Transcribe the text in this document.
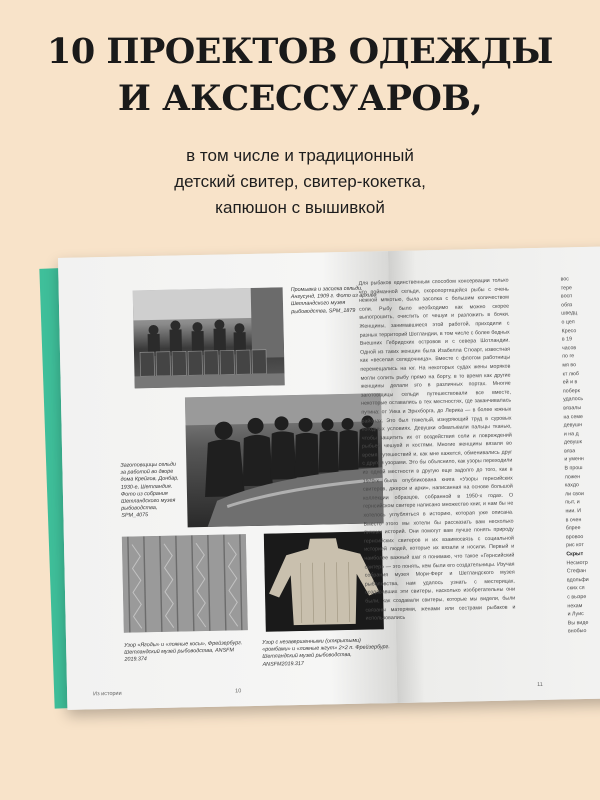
10 ПРОЕКТОВ ОДЕЖДЫ
И АКСЕССУАРОВ,
в том числе и традиционный
детский свитер, свитер-кокетка,
капюшон с вышивкой
Промывка и засолка сельди. Ангусунд, 1909 г. Фото из архива Шетландского музея рыбоводства, SPM_1879
Заготовщицы сельди за работой во дворе дома Крейгов, Донбар, 1930-е, Шетландия. Фото из собрания Шетландского музея рыбоводства, SPM_4075
Узор «Ягоды» и «ложные косы», Фрейзербург. Шетландский музей рыбоводства, ANSFM 2019.374
Узор с незавершенными (открытыми) «ромбами» и «ложные жгут» 2×2 п. Фрейзербург. Шетландский музей рыбоводства, ANSFM2019.317
Из истории	10
Для рыбаков единственным способом консервации только что пойманной сельди, скоропортящейся рыбы с очень нежной мякотью, была засолка с большим количеством соли. Рыбу было необходимо как можно скорее выпотрошить, очистить от чешуи и разложить в бочки. Женщины, занимавшиеся этой работой, приходили с разных территорий Шотландии, в том числе с более бедных Внешних Гебридских островов и с севера Шотландии. Одной из таких женщин была Изабелла Стюарт, известная как «веселая селедочница». Вместе с флотом работницы перемещались на юг. На некоторых судах жены моряков могли солить рыбу прямо на борту, в то время как другие женщины делали это в различных портах. Многие заготовщицы сельди путешествовали все вместе, некоторые оставались в тех местностях, где заканчивалась путина: от Уика и Эрнхборга, до Лерика — в более южных районах. Это был тяжелый, изнуряющий труд в суровых погодных условиях. Девушки обматывали пальцы тканью, чтобы защитить их от воздействия соли и повреждений рыбьей чешуей и костями. Многие женщины вязали во время путешествий и, как мне кажется, обменивались друг с другом узорами. Это бы объяснило, как узоры переходили из одной местности в другую еще задолго до того, как в 1970-х была опубликована книга «Узоры гернсийских свитеров, джерси и арки», написанная на основе большой коллекции образцов, собранной в 1950-х годах. О гернсийском свитере написано множество книг, и нам бы не хотелось углубляться в историю, которая уже описана. Вместо этого мы хотели бы рассказать вам несколько личных историй. Они помогут вам лучше понять природу гернсийских свитеров и их взаимосвязь с социальной историей людей, которые их вязали и носили. Первый и наиболее важный шаг я понимаю, что такое «Гернсийский свитер» — это понять, кем были его создательницы. Изучая собрания музея Мори-Ферт и Шетландского музея рыболовства, нам удалось узнать с местерицах, создававших эти свитеры, насколько изобретательны они были, как создавали свитеры, которые мы видели, были связаны матерями, женами или сестрами рыбаков и использовались
11
вос
тере
восп
обяз
шведц
о цел
Кресо
в 19
часов
по ге
мя во
кт люб
ей и в
поберк
удалось
вязалы
на семе
девушн
и на д
девушк
вяза
и уменн
В прош
ложен
кахдо
ли свои
пыт, и
нии. И
в очен
блрее
вровоо
рис кот
Скрыт
Несмотр
Стефан
вдольфи
ских ся
с вызре
нехам
и Луис
Вы виде
внобыо
